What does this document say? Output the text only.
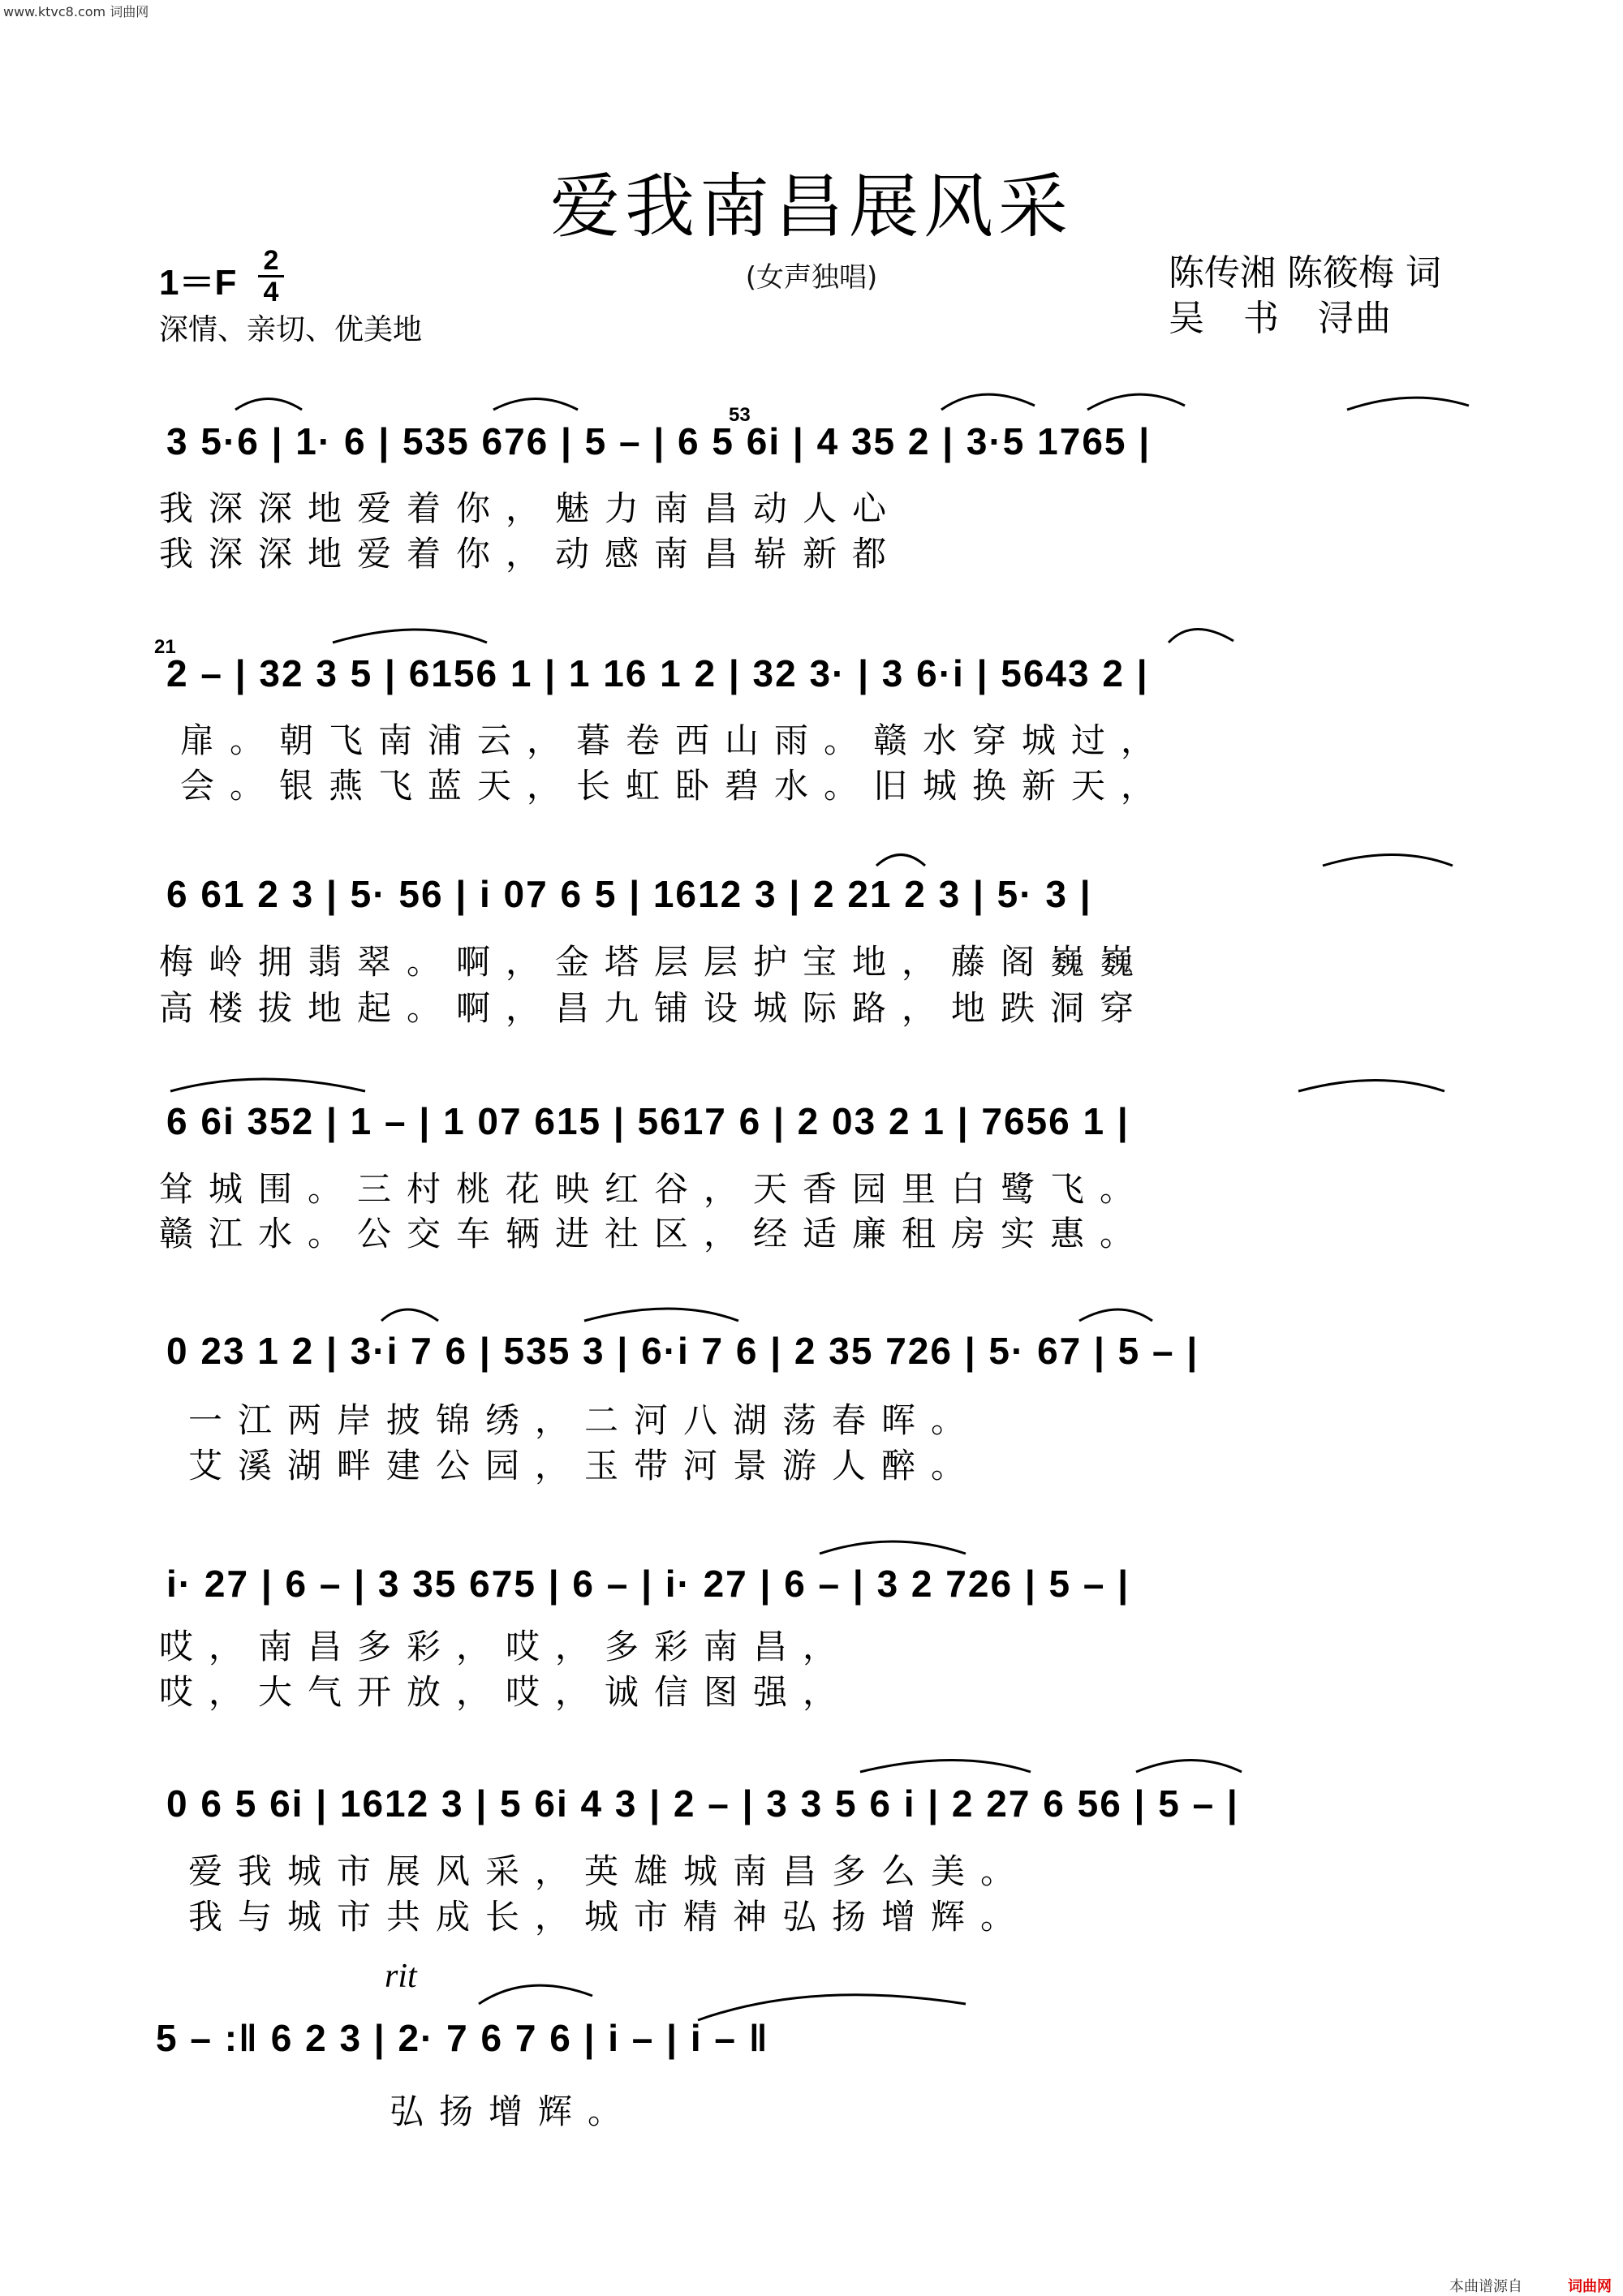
www.ktvc8.com 词曲网
爱我南昌展风采
1＝F
2
4	(女声独唱)
深情、亲切、优美地
陈传湘 陈筱梅 词
吴　书　浔曲
53
3 5·6 | 1· 6 | 535 676 | 5 – | 6 5 6i | 4 35 2 | 3·5 1765 |
我深深地爱着你，魅力南昌动人心
我深深地爱着你，动感南昌崭新都
21
2 – | 32 3 5 | 6156 1 | 1 16 1 2 | 32 3· | 3 6·i | 5643 2 |
扉。朝飞南浦云，暮卷西山雨。赣水穿城过，
会。银燕飞蓝天，长虹卧碧水。旧城换新天，
6 61 2 3 | 5· 56 | i 07 6 5 | 1612 3 | 2 21 2 3 | 5· 3 |
梅岭拥翡翠。啊，金塔层层护宝地，藤阁巍巍
高楼拔地起。啊，昌九铺设城际路，地跌洞穿
6 6i 352 | 1 – | 1 07 615 | 5617 6 | 2 03 2 1 | 7656 1 |
耸城围。三村桃花映红谷，天香园里白鹭飞。
赣江水。公交车辆进社区，经适廉租房实惠。
0 23 1 2 | 3·i 7 6 | 535 3 | 6·i 7 6 | 2 35 726 | 5· 67 | 5 – |
一江两岸披锦绣，二河八湖荡春晖。
艾溪湖畔建公园，玉带河景游人醉。
i· 27 | 6 – | 3 35 675 | 6 – | i· 27 | 6 – | 3 2 726 | 5 – |
哎，南昌多彩，哎，多彩南昌，
哎，大气开放，哎，诚信图强，
0 6 5 6i | 1612 3 | 5 6i 4 3 | 2 – | 3 3 5 6 i | 2 27 6 56 | 5 – |
爱我城市展风采，英雄城南昌多么美。
我与城市共成长，城市精神弘扬增辉。
rit
5 – :‖ 6 2 3 | 2· 7 6 7 6 | i – | i – ‖
弘扬增辉。
本曲谱源自	词曲网
